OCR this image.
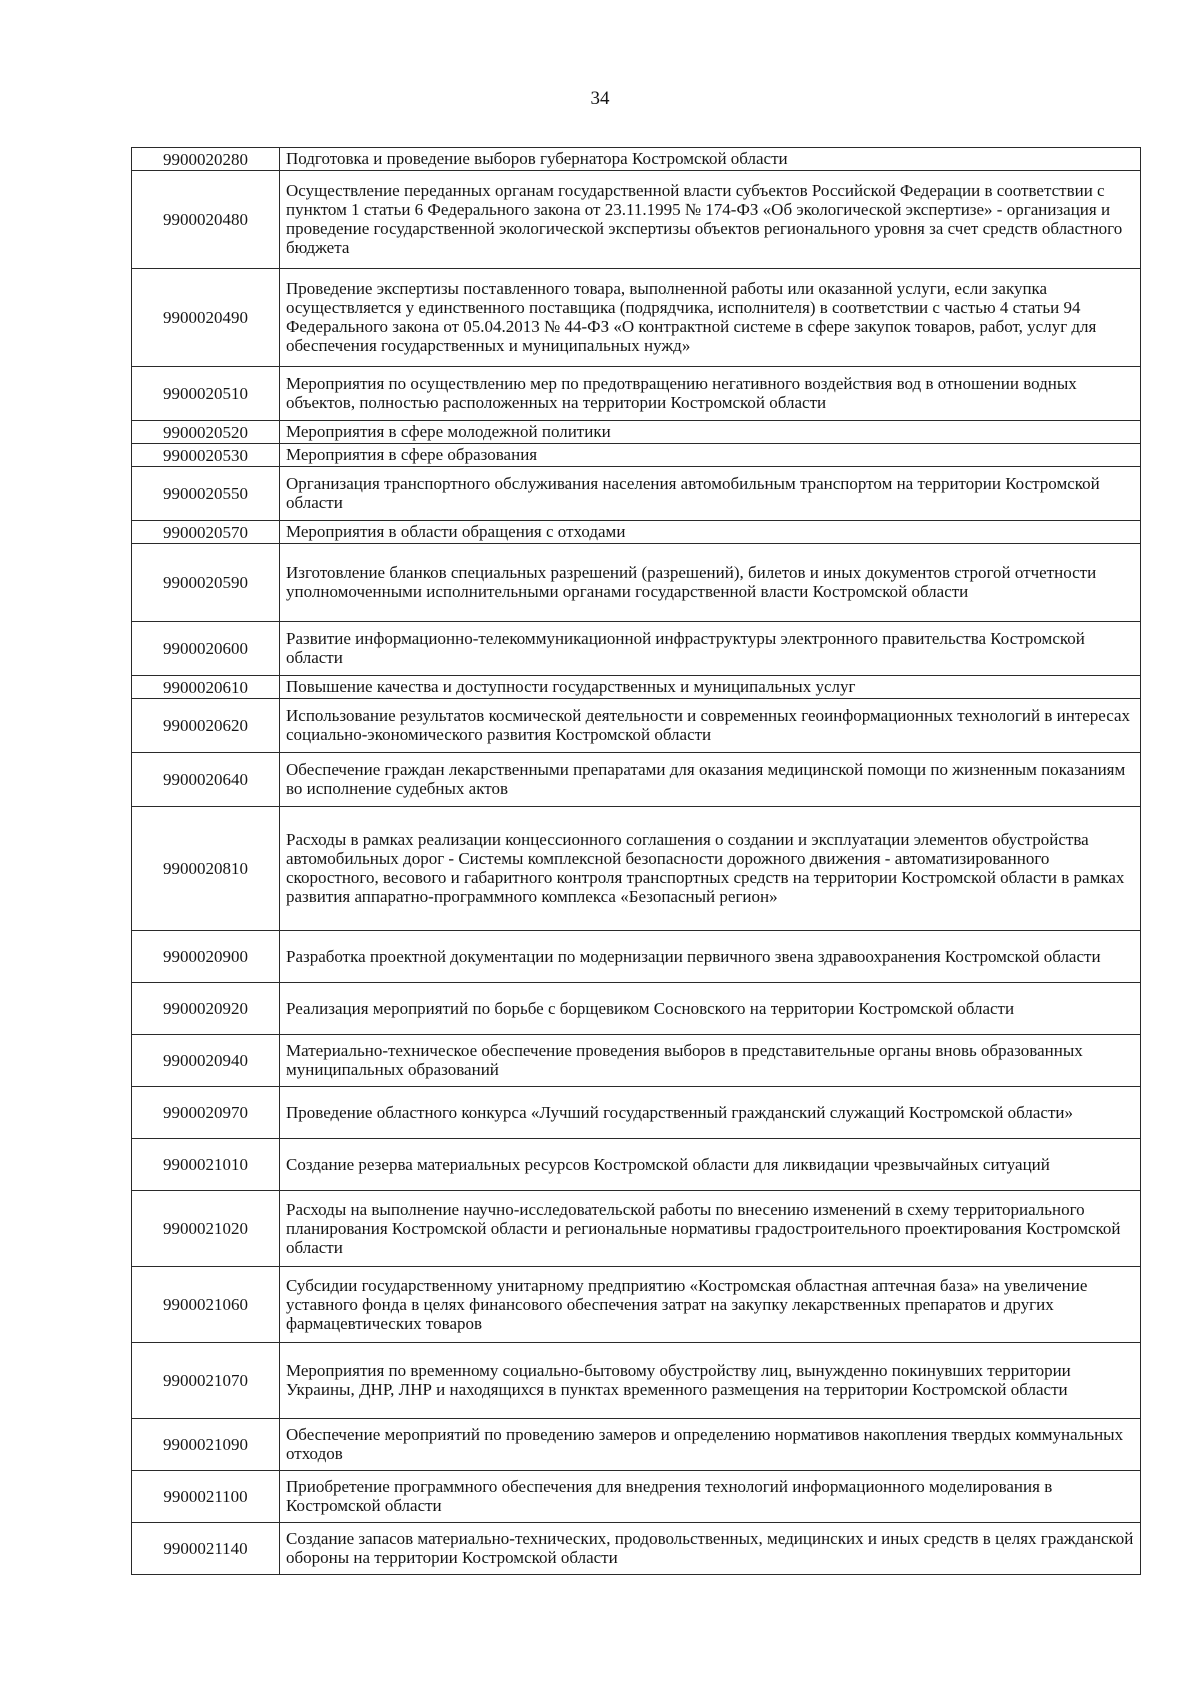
34
9900020280	Подготовка и проведение выборов губернатора Костромской области
9900020480	Осуществление переданных органам государственной власти субъектов Российской Федерации в соответствии с пунктом 1 статьи 6 Федерального закона от 23.11.1995 № 174-ФЗ «Об экологической экспертизе» - организация и проведение государственной экологической экспертизы объектов регионального уровня за счет средств областного бюджета
9900020490	Проведение экспертизы поставленного товара, выполненной работы или оказанной услуги, если закупка осуществляется у единственного поставщика (подрядчика, исполнителя) в соответствии с частью 4 статьи 94 Федерального закона от 05.04.2013 № 44-ФЗ «О контрактной системе в сфере закупок товаров, работ, услуг для обеспечения государственных и муниципальных нужд»
9900020510	Мероприятия по осуществлению мер по предотвращению негативного воздействия вод в отношении водных объектов, полностью расположенных на территории Костромской области
9900020520	Мероприятия в сфере молодежной политики
9900020530	Мероприятия в сфере образования
9900020550	Организация транспортного обслуживания населения автомобильным транспортом на территории Костромской области
9900020570	Мероприятия в области обращения с отходами
9900020590	Изготовление бланков специальных разрешений (разрешений), билетов и иных документов строгой отчетности уполномоченными исполнительными органами государственной власти Костромской области
9900020600	Развитие информационно-телекоммуникационной инфраструктуры электронного правительства Костромской области
9900020610	Повышение качества и доступности государственных и муниципальных услуг
9900020620	Использование результатов космической деятельности и современных геоинформационных технологий в интересах социально-экономического развития Костромской области
9900020640	Обеспечение граждан лекарственными препаратами для оказания медицинской помощи по жизненным показаниям во исполнение судебных актов
9900020810	Расходы в рамках реализации концессионного соглашения о создании и эксплуатации элементов обустройства автомобильных дорог - Системы комплексной безопасности дорожного движения - автоматизированного скоростного, весового и габаритного контроля транспортных средств на территории Костромской области в рамках развития аппаратно-программного комплекса «Безопасный регион»
9900020900	Разработка проектной документации по модернизации первичного звена здравоохранения Костромской области
9900020920	Реализация мероприятий по борьбе с борщевиком Сосновского на территории Костромской области
9900020940	Материально-техническое обеспечение проведения выборов в представительные органы вновь образованных муниципальных образований
9900020970	Проведение областного конкурса «Лучший государственный гражданский служащий Костромской области»
9900021010	Создание резерва материальных ресурсов Костромской области для ликвидации чрезвычайных ситуаций
9900021020	Расходы на выполнение научно-исследовательской работы по внесению изменений в схему территориального планирования Костромской области и региональные нормативы градостроительного проектирования Костромской области
9900021060	Субсидии государственному унитарному предприятию «Костромская областная аптечная база» на увеличение уставного фонда в целях финансового обеспечения затрат на закупку лекарственных препаратов и других фармацевтических товаров
9900021070	Мероприятия по временному социально-бытовому обустройству лиц, вынужденно покинувших территории Украины, ДНР, ЛНР и находящихся в пунктах временного размещения на территории Костромской области
9900021090	Обеспечение мероприятий по проведению замеров и определению нормативов накопления твердых коммунальных отходов
9900021100	Приобретение программного обеспечения для внедрения технологий информационного моделирования в Костромской области
9900021140	Создание запасов материально-технических, продовольственных, медицинских и иных средств в целях гражданской обороны на территории Костромской области
